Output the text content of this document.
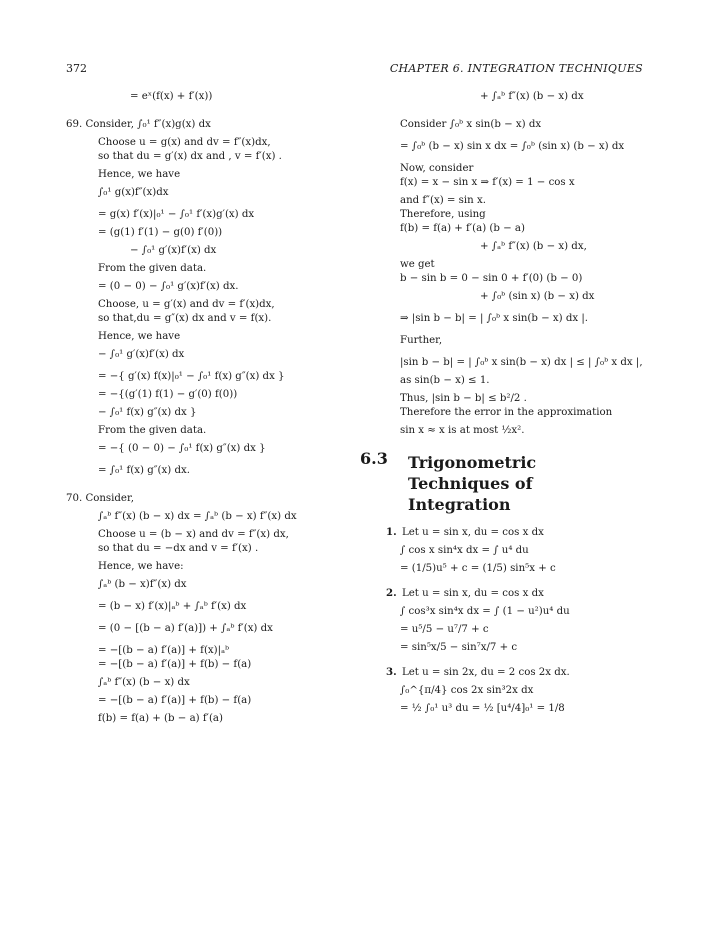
372	CHAPTER 6. INTEGRATION TECHNIQUES
= eˣ(f(x) + f′(x))
69. Consider, ∫₀¹ f″(x)g(x) dx
Choose u = g(x) and dv = f″(x)dx,
so that du = g′(x) dx and , v = f′(x) .
Hence, we have
∫₀¹ g(x)f″(x)dx
= g(x) f′(x)|₀¹ − ∫₀¹ f′(x)g′(x) dx
= (g(1) f′(1) − g(0) f′(0))
− ∫₀¹ g′(x)f′(x) dx
From the given data.
= (0 − 0) − ∫₀¹ g′(x)f′(x) dx.
Choose, u = g′(x) and dv = f′(x)dx,
so that,du = g″(x) dx and v = f(x).
Hence, we have
− ∫₀¹ g′(x)f′(x) dx
= −{ g′(x) f(x)|₀¹ − ∫₀¹ f(x) g″(x) dx }
= −{(g′(1) f(1) − g′(0) f(0))
− ∫₀¹ f(x) g″(x) dx }
From the given data.
= −{ (0 − 0) − ∫₀¹ f(x) g″(x) dx }
= ∫₀¹ f(x) g″(x) dx.
70. Consider,
∫ₐᵇ f″(x) (b − x) dx = ∫ₐᵇ (b − x) f″(x) dx
Choose u = (b − x) and dv = f″(x) dx,
so that du = −dx and v = f′(x) .
Hence, we have:
∫ₐᵇ (b − x)f″(x) dx
= (b − x) f′(x)|ₐᵇ + ∫ₐᵇ f′(x) dx
= (0 − [(b − a) f′(a)]) + ∫ₐᵇ f′(x) dx
= −[(b − a) f′(a)] + f(x)|ₐᵇ
= −[(b − a) f′(a)] + f(b) − f(a)
∫ₐᵇ f″(x) (b − x) dx
= −[(b − a) f′(a)] + f(b) − f(a)
f(b) = f(a) + (b − a) f′(a)
+ ∫ₐᵇ f″(x) (b − x) dx
Consider ∫₀ᵇ x sin(b − x) dx
= ∫₀ᵇ (b − x) sin x dx = ∫₀ᵇ (sin x) (b − x) dx
Now, consider
f(x) = x − sin x ⇒ f′(x) = 1 − cos x
and f″(x) = sin x.
Therefore, using
f(b) = f(a) + f′(a) (b − a)
+ ∫ₐᵇ f″(x) (b − x) dx,
we get
b − sin b = 0 − sin 0 + f′(0) (b − 0)
+ ∫₀ᵇ (sin x) (b − x) dx
⇒ |sin b − b| = | ∫₀ᵇ x sin(b − x) dx |.
Further,
|sin b − b| = | ∫₀ᵇ x sin(b − x) dx | ≤ | ∫₀ᵇ x dx |,
as sin(b − x) ≤ 1.
Thus, |sin b − b| ≤ b²/2 .
Therefore the error in the approximation
sin x ≈ x is at most ½x².
6.3 Trigonometric
Techniques of
Integration
1. Let u = sin x, du = cos x dx
∫ cos x sin⁴x dx = ∫ u⁴ du
= (1/5)u⁵ + c = (1/5) sin⁵x + c
2. Let u = sin x, du = cos x dx
∫ cos³x sin⁴x dx = ∫ (1 − u²)u⁴ du
= u⁵/5 − u⁷/7 + c
= sin⁵x/5 − sin⁷x/7 + c
3. Let u = sin 2x, du = 2 cos 2x dx.
∫₀^{π/4} cos 2x sin³2x dx
= ½ ∫₀¹ u³ du = ½ [u⁴/4]₀¹ = 1/8
